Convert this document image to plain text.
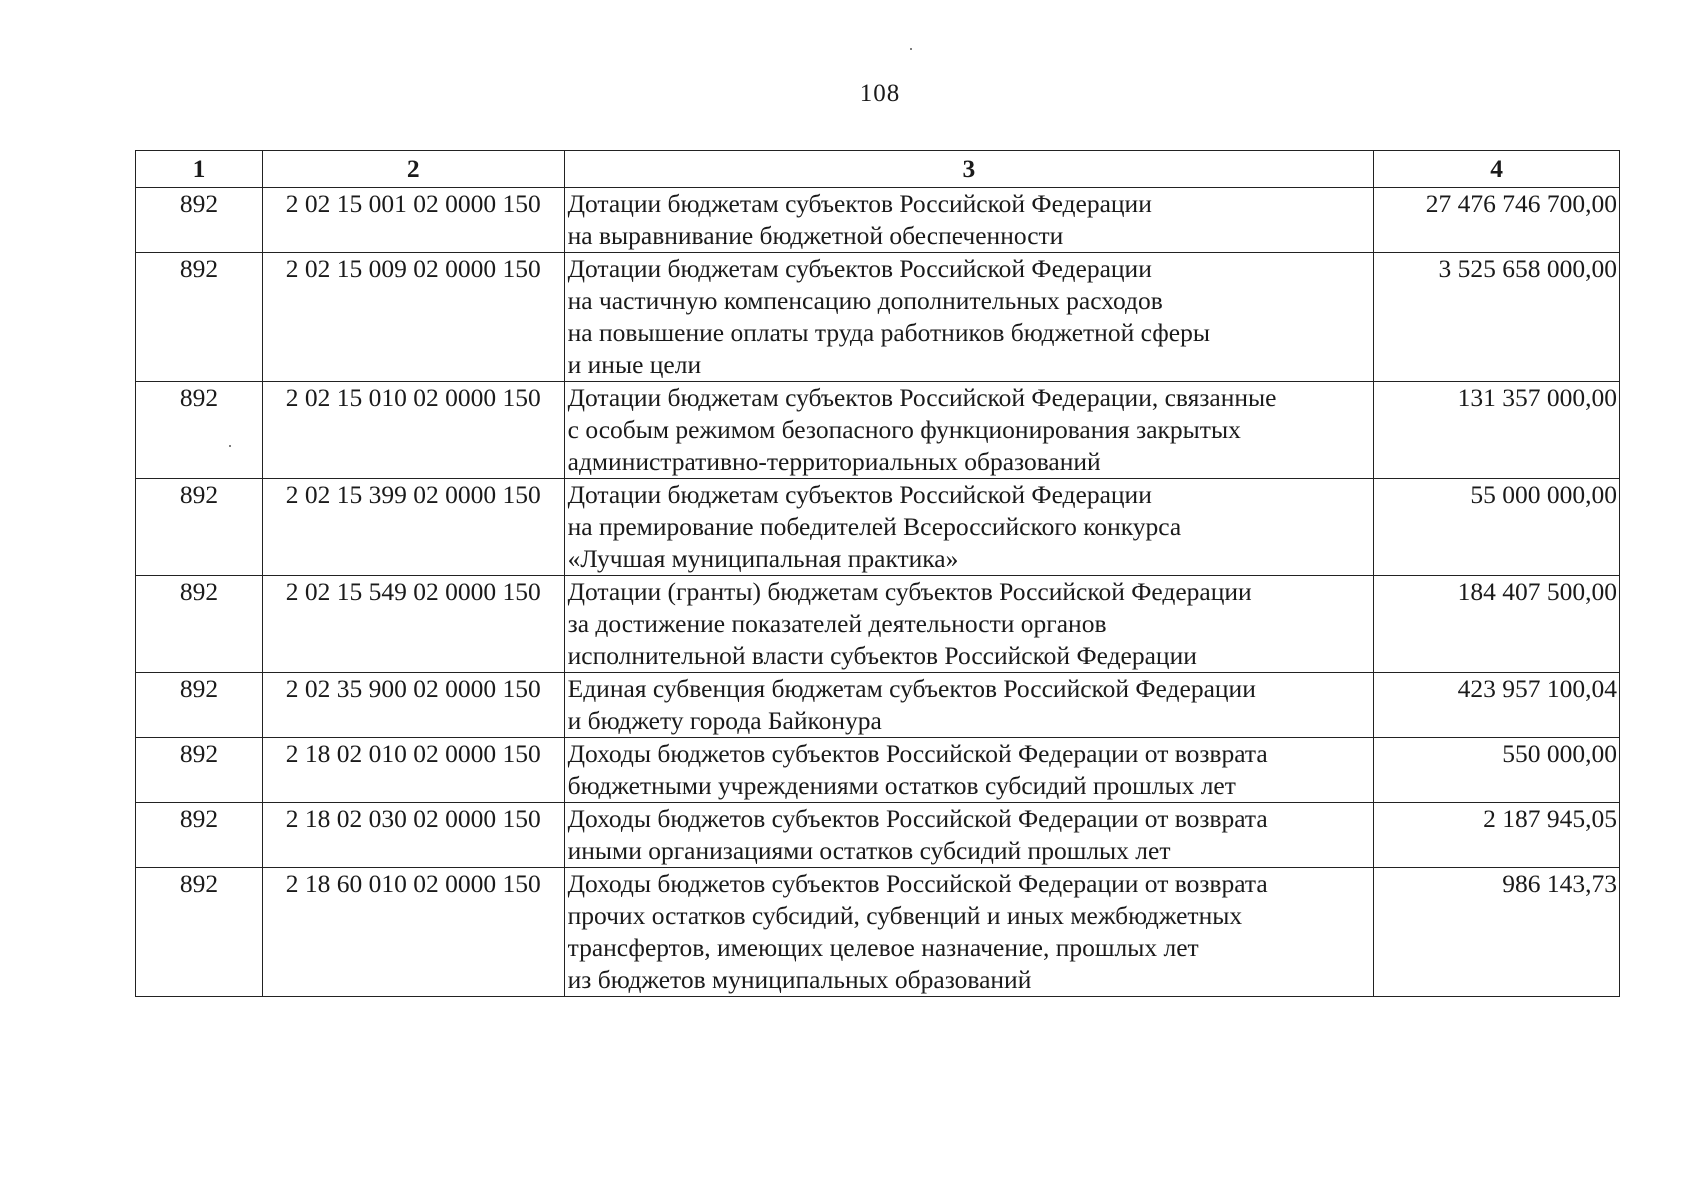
108
1	2	3	4
892	2 02 15 001 02 0000 150	Дотации бюджетам субъектов Российской Федерации
на выравнивание бюджетной обеспеченности	27 476 746 700,00
892	2 02 15 009 02 0000 150	Дотации бюджетам субъектов Российской Федерации
на частичную компенсацию дополнительных расходов
на повышение оплаты труда работников бюджетной сферы
и иные цели	3 525 658 000,00
892	2 02 15 010 02 0000 150	Дотации бюджетам субъектов Российской Федерации, связанные
с особым режимом безопасного функционирования закрытых
административно-территориальных образований	131 357 000,00
892	2 02 15 399 02 0000 150	Дотации бюджетам субъектов Российской Федерации
на премирование победителей Всероссийского конкурса
«Лучшая муниципальная практика»	55 000 000,00
892	2 02 15 549 02 0000 150	Дотации (гранты) бюджетам субъектов Российской Федерации
за достижение показателей деятельности органов
исполнительной власти субъектов Российской Федерации	184 407 500,00
892	2 02 35 900 02 0000 150	Единая субвенция бюджетам субъектов Российской Федерации
и бюджету города Байконура	423 957 100,04
892	2 18 02 010 02 0000 150	Доходы бюджетов субъектов Российской Федерации от возврата
бюджетными учреждениями остатков субсидий прошлых лет	550 000,00
892	2 18 02 030 02 0000 150	Доходы бюджетов субъектов Российской Федерации от возврата
иными организациями остатков субсидий прошлых лет	2 187 945,05
892	2 18 60 010 02 0000 150	Доходы бюджетов субъектов Российской Федерации от возврата
прочих остатков субсидий, субвенций и иных межбюджетных
трансфертов, имеющих целевое назначение, прошлых лет
из бюджетов муниципальных образований	986 143,73
